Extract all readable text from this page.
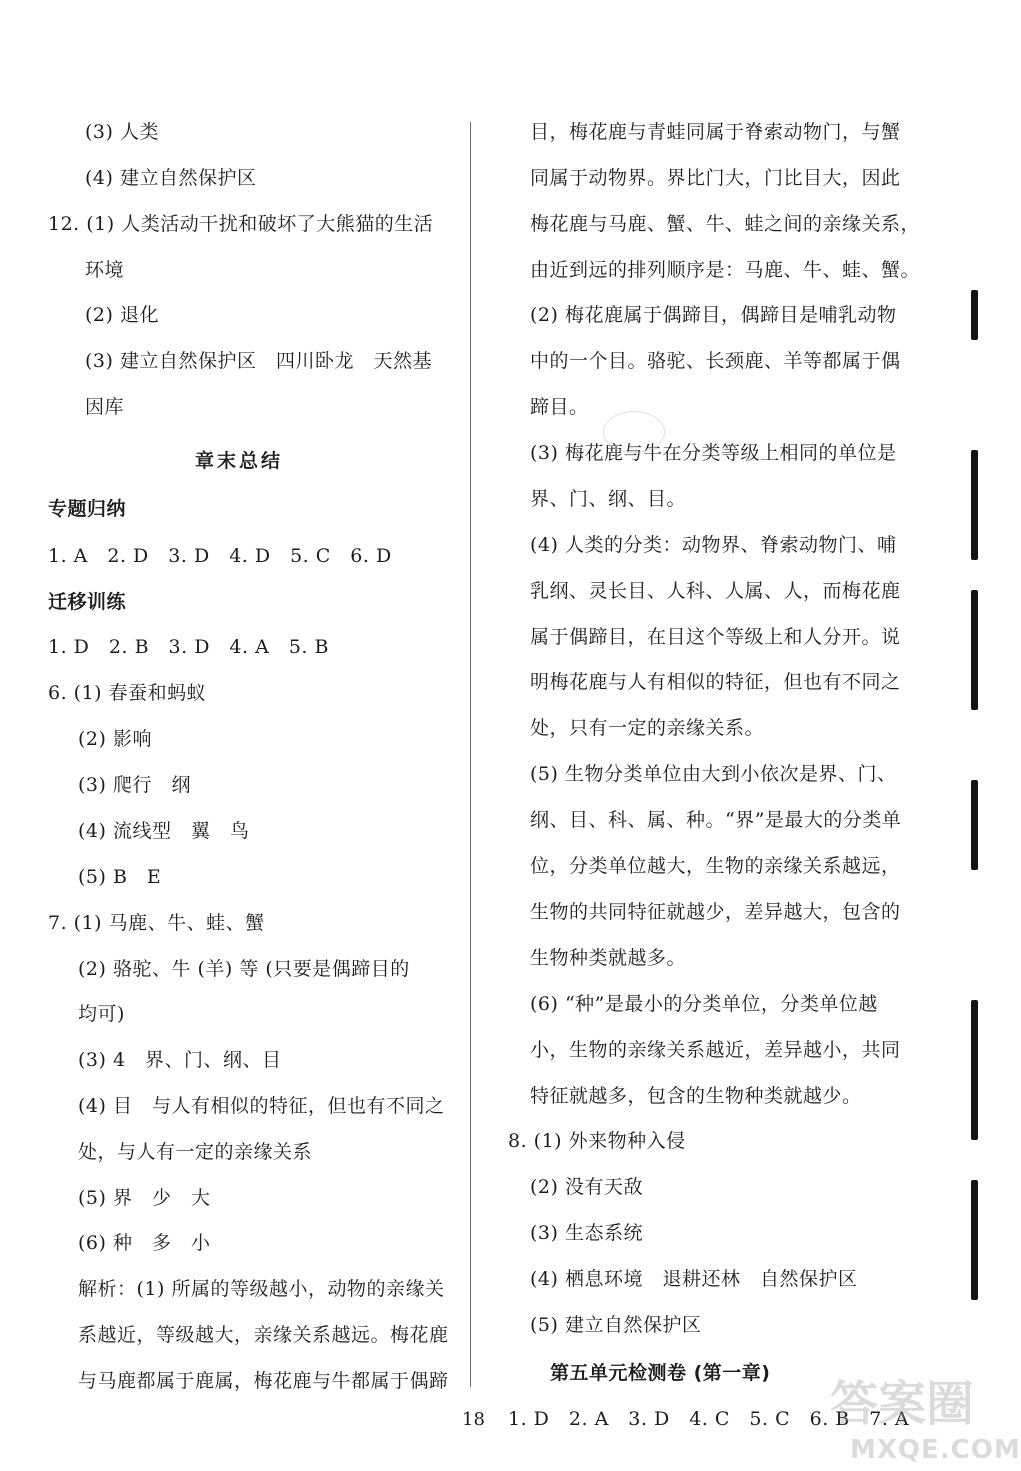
(3) 人类
(4) 建立自然保护区
12. (1) 人类活动干扰和破坏了大熊猫的生活
环境
(2) 退化
(3) 建立自然保护区　四川卧龙　天然基
因库
章末总结
专题归纳
1. A　2. D　3. D　4. D　5. C　6. D
迁移训练
1. D　2. B　3. D　4. A　5. B
6. (1) 春蚕和蚂蚁
(2) 影响
(3) 爬行　纲
(4) 流线型　翼　鸟
(5) B　E
7. (1) 马鹿、牛、蛙、蟹
(2) 骆驼、牛 (羊) 等 (只要是偶蹄目的
均可)
(3) 4　界、门、纲、目
(4) 目　与人有相似的特征，但也有不同之
处，与人有一定的亲缘关系
(5) 界　少　大
(6) 种　多　小
解析：(1) 所属的等级越小，动物的亲缘关
系越近，等级越大，亲缘关系越远。梅花鹿
与马鹿都属于鹿属，梅花鹿与牛都属于偶蹄
目，梅花鹿与青蛙同属于脊索动物门，与蟹
同属于动物界。界比门大，门比目大，因此
梅花鹿与马鹿、蟹、牛、蛙之间的亲缘关系，
由近到远的排列顺序是：马鹿、牛、蛙、蟹。
(2) 梅花鹿属于偶蹄目，偶蹄目是哺乳动物
中的一个目。骆驼、长颈鹿、羊等都属于偶
蹄目。
(3) 梅花鹿与牛在分类等级上相同的单位是
界、门、纲、目。
(4) 人类的分类：动物界、脊索动物门、哺
乳纲、灵长目、人科、人属、人，而梅花鹿
属于偶蹄目，在目这个等级上和人分开。说
明梅花鹿与人有相似的特征，但也有不同之
处，只有一定的亲缘关系。
(5) 生物分类单位由大到小依次是界、门、
纲、目、科、属、种。“界”是最大的分类单
位，分类单位越大，生物的亲缘关系越远，
生物的共同特征就越少，差异越大，包含的
生物种类就越多。
(6) “种”是最小的分类单位，分类单位越
小，生物的亲缘关系越近，差异越小，共同
特征就越多，包含的生物种类就越少。
8. (1) 外来物种入侵
(2) 没有天敌
(3) 生态系统
(4) 栖息环境　退耕还林　自然保护区
(5) 建立自然保护区
第五单元检测卷 (第一章)
1. D　2. A　3. D　4. C　5. C　6. B　7. A
18	答案圈
MXQE.COM
